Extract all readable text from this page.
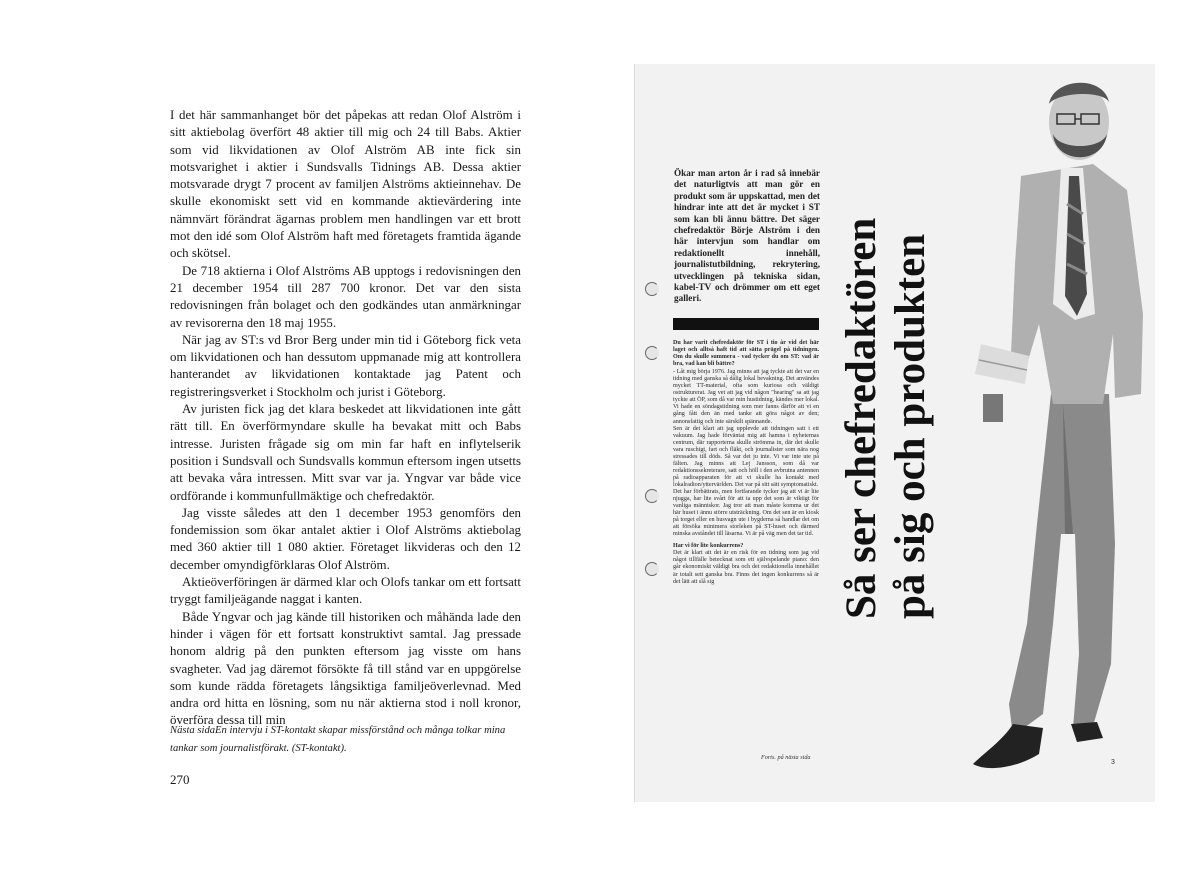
I det här sammanhanget bör det påpekas att redan Olof Alström i sitt aktiebolag överfört 48 aktier till mig och 24 till Babs. Aktier som vid likvidationen av Olof Alström AB inte fick sin motsvarighet i aktier i Sundsvalls Tidnings AB. Dessa aktier motsvarade drygt 7 procent av familjen Alströms aktieinnehav. De skulle ekonomiskt sett vid en kommande aktievärdering inte nämnvärt förändrat ägarnas problem men handlingen var ett brott mot den idé som Olof Alström haft med företagets framtida ägande och skötsel.

De 718 aktierna i Olof Alströms AB upptogs i redovisningen den 21 december 1954 till 287 700 kronor. Det var den sista redovisningen från bolaget och den godkändes utan anmärkningar av revisorerna den 18 maj 1955.

När jag av ST:s vd Bror Berg under min tid i Göteborg fick veta om likvidationen och han dessutom uppmanade mig att kontrollera hanterandet av likvidationen kontaktade jag Patent och registreringsverket i Stockholm och jurist i Göteborg.

Av juristen fick jag det klara beskedet att likvidationen inte gått rätt till. En överförmyndare skulle ha bevakat mitt och Babs intresse. Juristen frågade sig om min far haft en inflytelserik position i Sundsvall och Sundsvalls kommun eftersom ingen utsetts att bevaka våra intressen. Mitt svar var ja. Yngvar var både vice ordförande i kommunfullmäktige och chefredaktör.

Jag visste således att den 1 december 1953 genomförs den fondemission som ökar antalet aktier i Olof Alströms aktiebolag med 360 aktier till 1 080 aktier. Företaget likvideras och den 12 december omyndigförklaras Olof Alström.

Aktieöverföringen är därmed klar och Olofs tankar om ett fortsatt tryggt familjeägande naggat i kanten.

Både Yngvar och jag kände till historiken och måhända lade den hinder i vägen för ett fortsatt konstruktivt samtal. Jag pressade honom aldrig på den punkten eftersom jag visste om hans svagheter. Vad jag däremot försökte få till stånd var en uppgörelse som kunde rädda företagets långsiktiga familjeöverlevnad. Med andra ord hitta en lösning, som nu när aktierna stod i noll kronor, överföra dessa till min

Nästa sidaEn intervju i ST-kontakt skapar missförstånd och många tolkar mina tankar som journalistförakt. (ST-kontakt).
270

Ökar man arton år i rad så innebär det naturligtvis att man gör en produkt som är uppskattad, men det hindrar inte att det är mycket i ST som kan bli ännu bättre. Det säger chefredaktör Börje Alström i den här intervjun som handlar om redaktionellt innehåll, journalistutbildning, rekrytering, utvecklingen på tekniska sidan, kabel-TV och drömmer om ett eget galleri.

Du har varit chefredaktör för ST i tio år vid det här laget och alltså haft tid att sätta prägel på tidningen. Om du skulle summera - vad tycker du om ST: vad är bra, vad kan bli bättre?

- Låt mig börja 1976. Jag minns att jag tyckte att det var en tidning med ganska så dålig lokal bevakning. Det användes mycket TT-material, ofta som kuriosa och väldigt ostrukturerat. Jag vet att jag vid någon "hearing" sa att jag tyckte att ÖP, som då var min hustidning, kändes mer lokal. Vi hade en söndagstidning som mer fanns därför att vi en gång fått den än med tanke att göra något av den; annonsfattig och inte särskilt spännande.

Sen är det klart att jag upplevde att tidningen satt i ett vakuum. Jag hade förväntat mig att hamna i nyheternas centrum, där rapporterna skulle strömma in, där det skulle vara ruschigt, fart och fläkt, och journalister som nära nog stressades till döds. Så var det ju inte. Vi var inte ute på fälten. Jag minns att Lej Jansson, som då var redaktionssekreterare, satt och höll i den avbrutna antennen på radioapparaten för att vi skulle ha kontakt med lokalradion/yttervärlden. Det var på sitt sätt symptomatiskt.

Det har förbättrats, men fortfarande tycker jag att vi är lite njugga, har lite svårt för att ta upp det som är viktigt för vanliga människor. Jag tror att man måste komma ur det här huset i ännu större utsträckning. Om det sen är en kiosk på torget eller en husvagn ute i bygderna så handlar det om att försöka minimera storleken på ST-huset och därmed minska avståndet till läsarna. Vi är på väg men det tar tid.

Har vi för lite konkurrens?

Det är klart att det är en risk för en tidning som jag vid något tillfälle betecknat som ett självspelande piano: den går ekonomiskt väldigt bra och det redaktionella innehållet är totalt sett ganska bra. Finns det ingen konkurrens så är det lätt att slå sig

Forts. på nästa sida
Så ser chefredaktören på sig och produkten
3
